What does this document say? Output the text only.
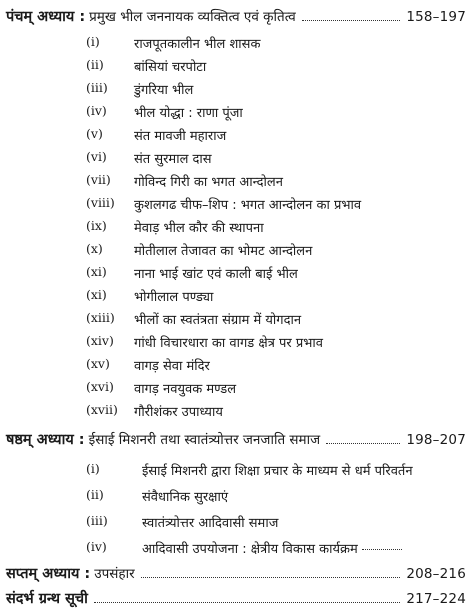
पंचम् अध्याय : प्रमुख भील जननायक व्यक्तित्व एवं कृतित्व	158–197
(i)	राजपूतकालीन भील शासक
(ii) बांसियां चरपोटा
(iii) डुंगरिया भील
(iv) भील योद्धा : राणा पूंजा
(v) संत मावजी महाराज
(vi) संत सुरमाल दास
(vii) गोविन्द गिरी का भगत आन्दोलन
(viii) कुशलगढ चीफ–शिप : भगत आन्दोलन का प्रभाव
(ix) मेवाड़ भील कौर की स्थापना
(x) मोतीलाल तेजावत का भोमट आन्दोलन
(xi) नाना भाई खांट एवं काली बाई भील
(xi) भोगीलाल पण्ड्या
(xiii) भीलों का स्वतंत्रता संग्राम में योगदान
(xiv) गांधी विचारधारा का वागड क्षेत्र पर प्रभाव
(xv) वागड़ सेवा मंदिर
(xvi) वागड़ नवयुवक मण्डल
(xvii) गौरीशंकर उपाध्याय
षष्ठम् अध्याय : ईसाई मिशनरी तथा स्वातंत्र्योत्तर जनजाति समाज	198–207
(i)	ईसाई मिशनरी द्वारा शिक्षा प्रचार के माध्यम से धर्म परिवर्तन
(ii)	संवैधानिक सुरक्षाएं
(iii)	स्वातंत्र्योत्तर आदिवासी समाज
(iv)	आदिवासी उपयोजना : क्षेत्रीय विकास कार्यक्रम
सप्तम् अध्याय : उपसंहार	208–216
संदर्भ ग्रन्थ सूची	217–224
